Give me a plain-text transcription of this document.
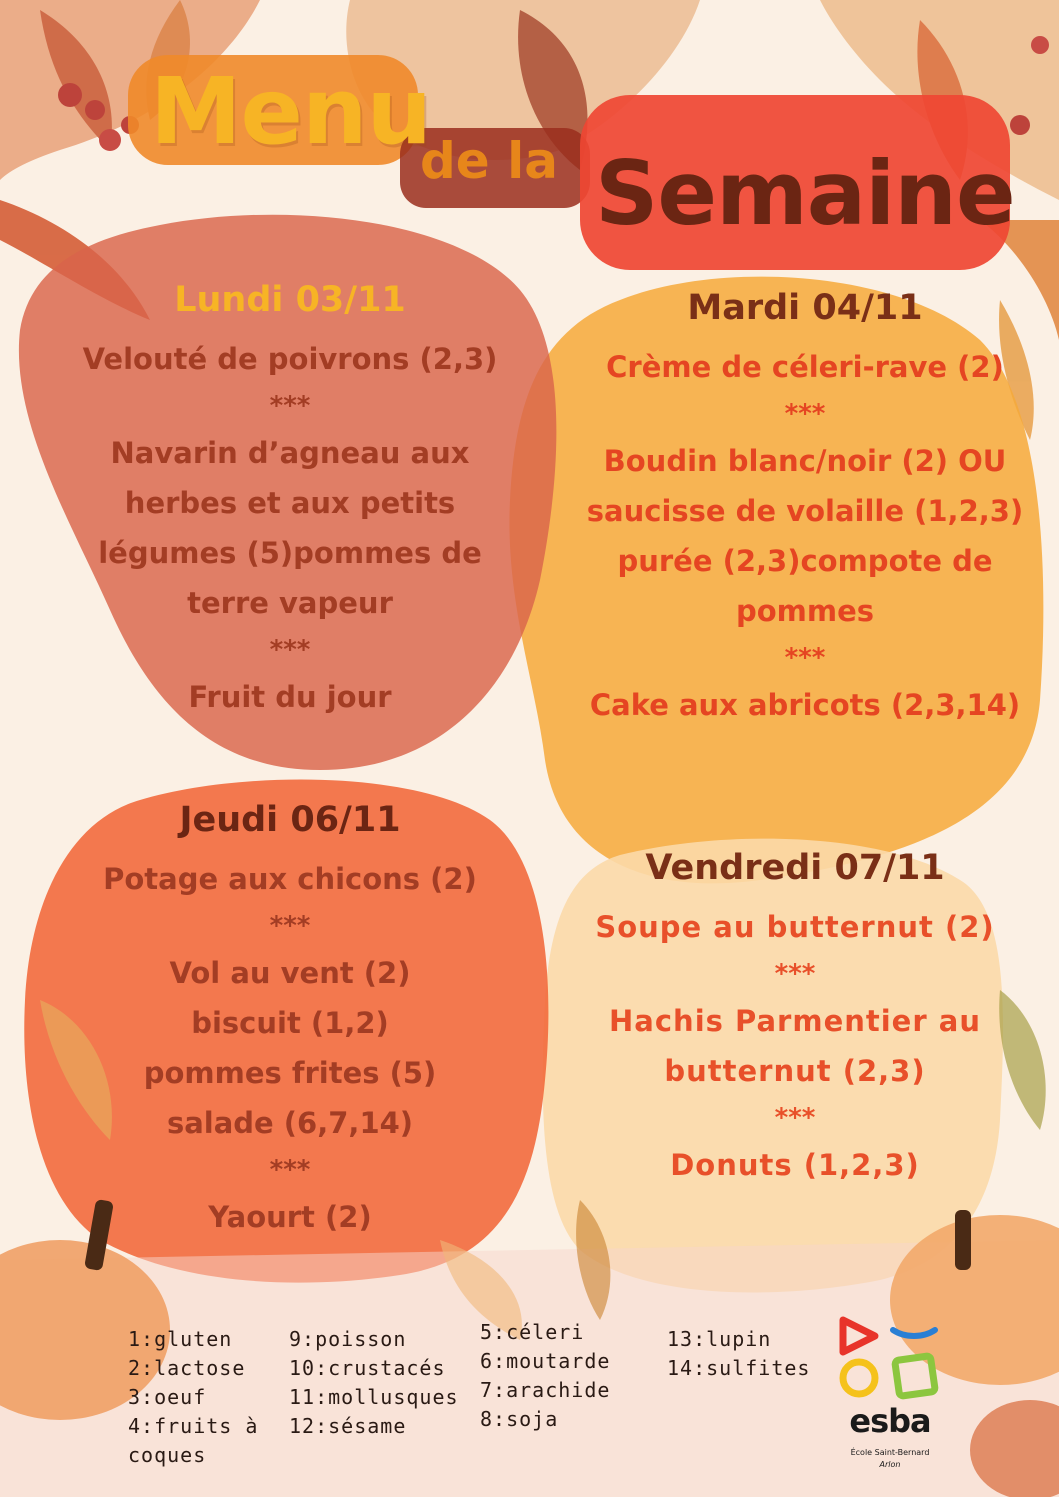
Menu
de la Semaine
Lundi 03/11
Velouté de poivrons (2,3)
***
Navarin d’agneau aux
herbes et aux petits
légumes (5)pommes de
terre vapeur
***
Fruit du jour
Mardi 04/11
Crème de céleri-rave (2)
***
Boudin blanc/noir (2) OU
saucisse de volaille (1,2,3)
purée (2,3)compote de
pommes
***
Cake aux abricots (2,3,14)
Jeudi 06/11
Potage aux chicons (2)
***
Vol au vent (2)
biscuit (1,2)
pommes frites (5)
salade (6,7,14)
***
Yaourt (2)
Vendredi 07/11
Soupe au butternut (2)
***
Hachis Parmentier au
butternut (2,3)
***
Donuts (1,2,3)
1:gluten
2:lactose
3:oeuf
4:fruits à
coques
9:poisson
10:crustacés
11:mollusques
12:sésame
5:céleri
6:moutarde
7:arachide
8:soja
13:lupin
14:sulfites
esba
École Saint-Bernard
Arlon
